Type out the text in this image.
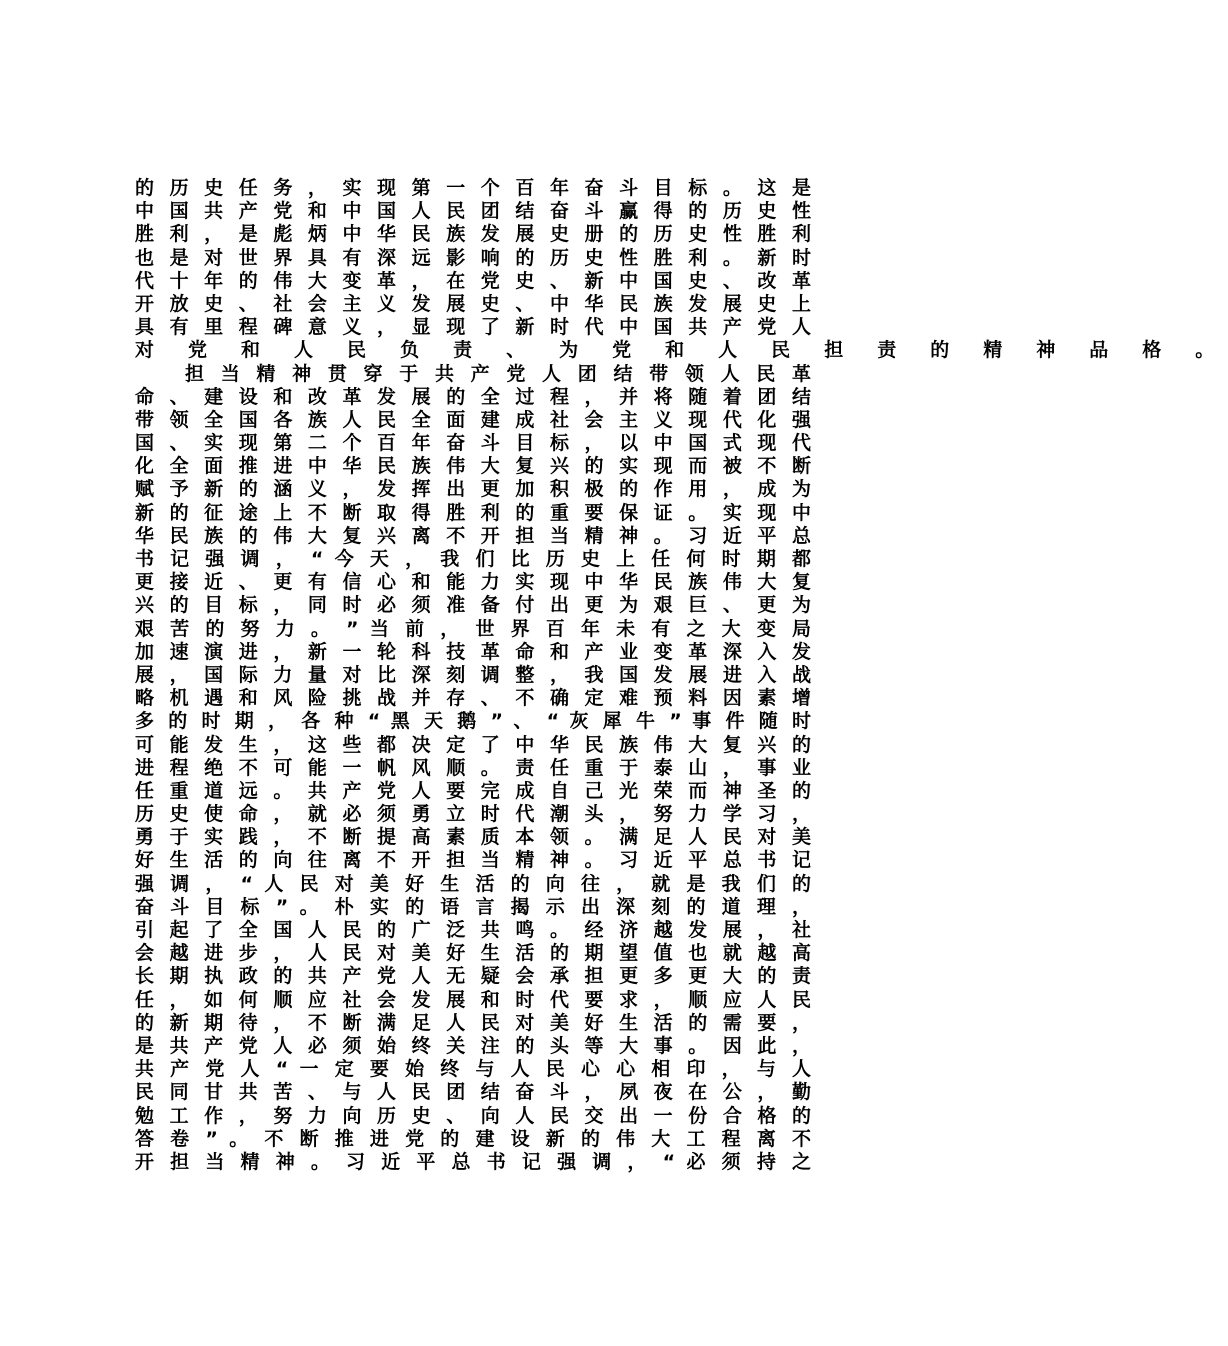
的 历 史 任 务 ， 实 现 第 一 个 百 年 奋 斗 目 标 。 这 是
中 国 共 产 党 和 中 国 人 民 团 结 奋 斗 赢 得 的 历 史 性
胜 利 ， 是 彪 炳 中 华 民 族 发 展 史 册 的 历 史 性 胜 利
也 是 对 世 界 具 有 深 远 影 响 的 历 史 性 胜 利 。 新 时
代 十 年 的 伟 大 变 革 ， 在 党 史 、 新 中 国 史 、 改 革
开 放 史 、 社 会 主 义 发 展 史 、 中 华 民 族 发 展 史 上
具 有 里 程 碑 意 义 ， 显 现 了 新 时 代 中 国 共 产 党 人
对 党 和 人 民 负 责 、 为 党 和 人 民 担 责 的 精 神 品 格 。
担 当 精 神 贯 穿 于 共 产 党 人 团 结 带 领 人 民 革
命 、 建 设 和 改 革 发 展 的 全 过 程 ， 并 将 随 着 团 结
带 领 全 国 各 族 人 民 全 面 建 成 社 会 主 义 现 代 化 强
国 、 实 现 第 二 个 百 年 奋 斗 目 标 ， 以 中 国 式 现 代
化 全 面 推 进 中 华 民 族 伟 大 复 兴 的 实 现 而 被 不 断
赋 予 新 的 涵 义 ， 发 挥 出 更 加 积 极 的 作 用 ， 成 为
新 的 征 途 上 不 断 取 得 胜 利 的 重 要 保 证 。 实 现 中
华 民 族 的 伟 大 复 兴 离 不 开 担 当 精 神 。 习 近 平 总
书 记 强 调 ， “ 今 天 ， 我 们 比 历 史 上 任 何 时 期 都
更 接 近 、 更 有 信 心 和 能 力 实 现 中 华 民 族 伟 大 复
兴 的 目 标 ， 同 时 必 须 准 备 付 出 更 为 艰 巨 、 更 为
艰 苦 的 努 力 。 ” 当 前 ， 世 界 百 年 未 有 之 大 变 局
加 速 演 进 ， 新 一 轮 科 技 革 命 和 产 业 变 革 深 入 发
展 ， 国 际 力 量 对 比 深 刻 调 整 ， 我 国 发 展 进 入 战
略 机 遇 和 风 险 挑 战 并 存 、 不 确 定 难 预 料 因 素 增
多 的 时 期 ， 各 种 “ 黑 天 鹅 ” 、 “ 灰 犀 牛 ” 事 件 随 时
可 能 发 生 ， 这 些 都 决 定 了 中 华 民 族 伟 大 复 兴 的
进 程 绝 不 可 能 一 帆 风 顺 。 责 任 重 于 泰 山 ， 事 业
任 重 道 远 。 共 产 党 人 要 完 成 自 己 光 荣 而 神 圣 的
历 史 使 命 ， 就 必 须 勇 立 时 代 潮 头 ， 努 力 学 习 ，
勇 于 实 践 ， 不 断 提 高 素 质 本 领 。 满 足 人 民 对 美
好 生 活 的 向 往 离 不 开 担 当 精 神 。 习 近 平 总 书 记
强 调 ， “ 人 民 对 美 好 生 活 的 向 往 ， 就 是 我 们 的
奋 斗 目 标 ” 。 朴 实 的 语 言 揭 示 出 深 刻 的 道 理 ，
引 起 了 全 国 人 民 的 广 泛 共 鸣 。 经 济 越 发 展 ， 社
会 越 进 步 ， 人 民 对 美 好 生 活 的 期 望 值 也 就 越 高
长 期 执 政 的 共 产 党 人 无 疑 会 承 担 更 多 更 大 的 责
任 ， 如 何 顺 应 社 会 发 展 和 时 代 要 求 ， 顺 应 人 民
的 新 期 待 ， 不 断 满 足 人 民 对 美 好 生 活 的 需 要 ，
是 共 产 党 人 必 须 始 终 关 注 的 头 等 大 事 。 因 此 ，
共 产 党 人 “ 一 定 要 始 终 与 人 民 心 心 相 印 ， 与 人
民 同 甘 共 苦 、 与 人 民 团 结 奋 斗 ， 夙 夜 在 公 ， 勤
勉 工 作 ， 努 力 向 历 史 、 向 人 民 交 出 一 份 合 格 的
答 卷 ” 。 不 断 推 进 党 的 建 设 新 的 伟 大 工 程 离 不
开 担 当 精 神 。 习 近 平 总 书 记 强 调 ， “ 必 须 持 之
